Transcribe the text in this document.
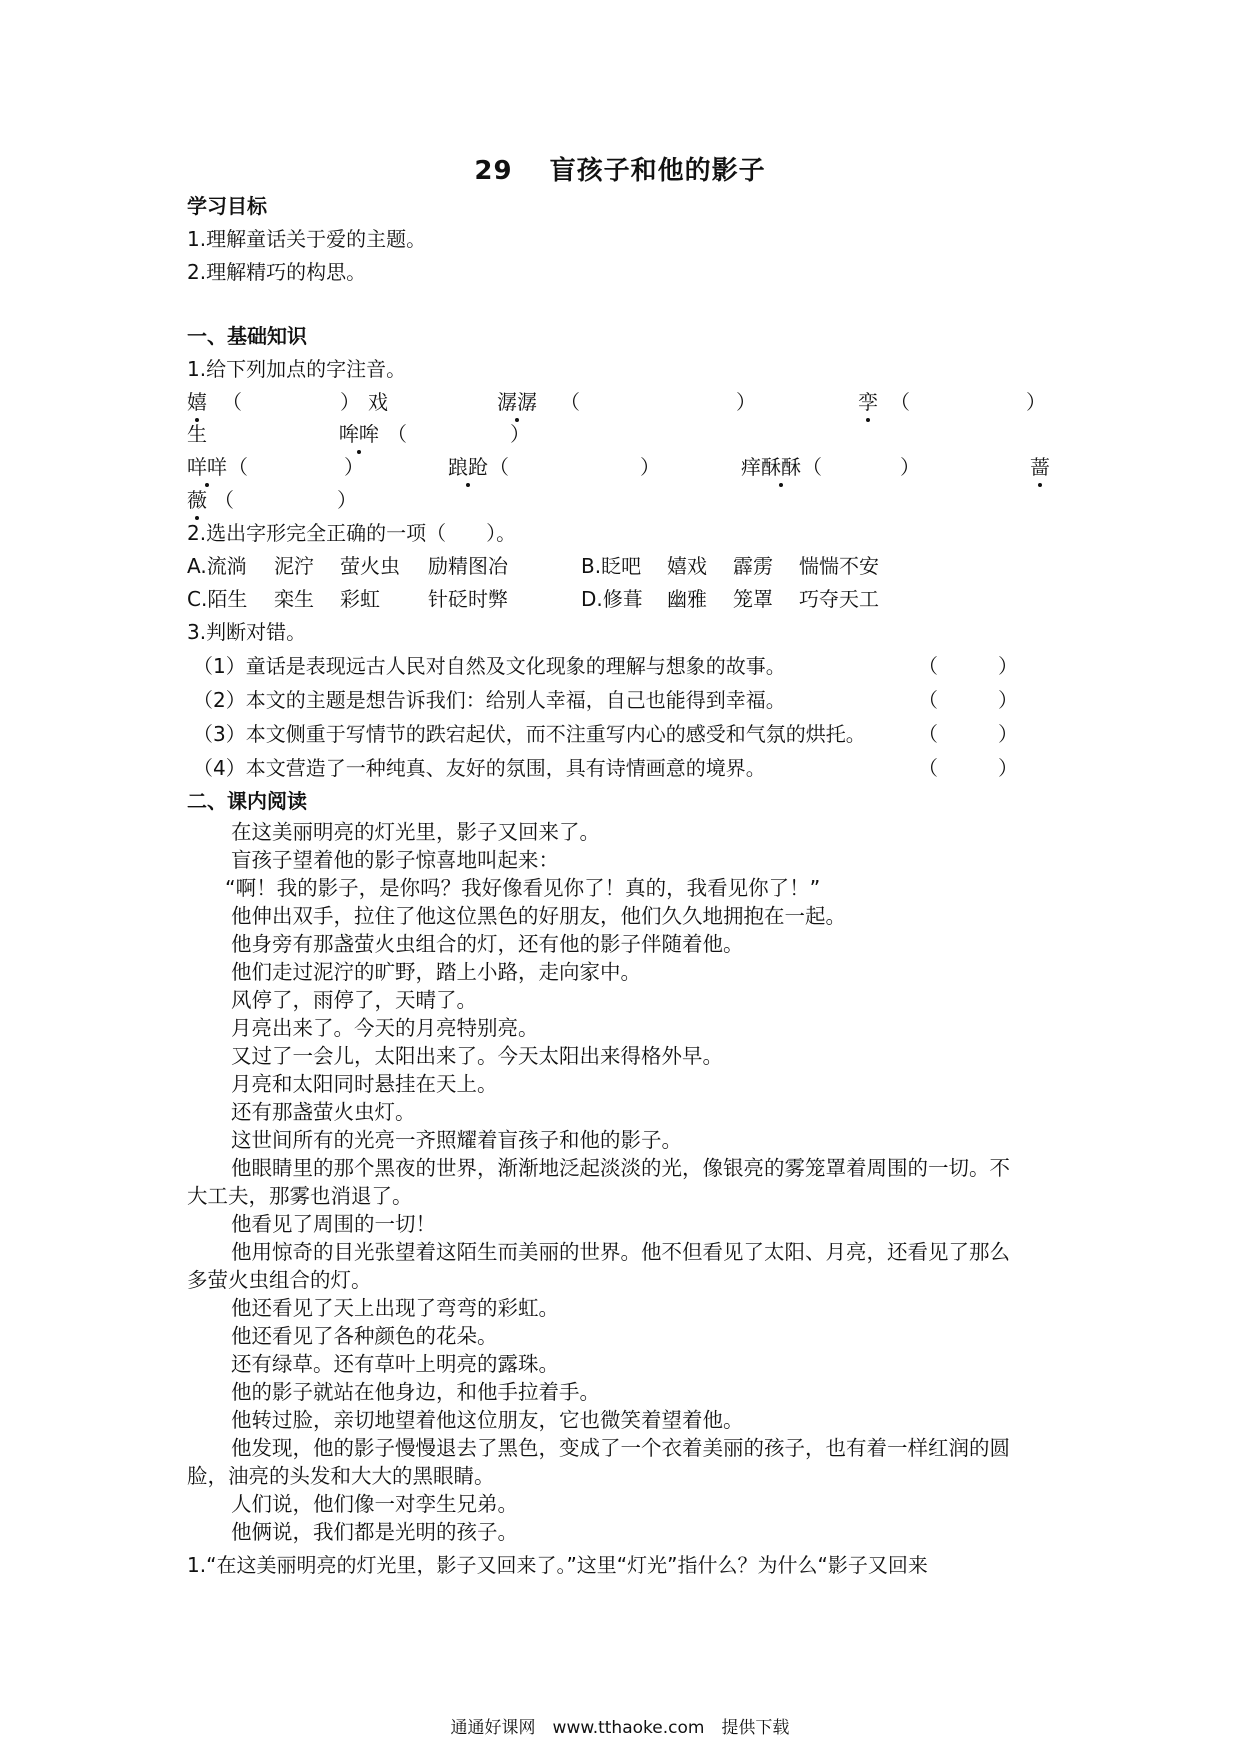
29　 盲孩子和他的影子
学习目标
1.理解童话关于爱的主题。
2.理解精巧的构思。
一、基础知识
1.给下列加点的字注音。
嬉 （	） 戏	潺潺 （	）	孪 （	）
生　　　　　 哞哞 （	）
咩咩 （	）	踉跄 （	）	痒酥酥 （	）	蔷
薇 （	）
2.选出字形完全正确的一项（　　）。
A.流淌 泥泞 萤火虫 励精图冶	B.眨吧 嬉戏 霹雳 惴惴不安
C.陌生 栾生 彩虹 针砭时弊	D.修葺 幽雅 笼罩 巧夺天工
3.判断对错。
（1）童话是表现远古人民对自然及文化现象的理解与想象的故事。	（	）
（2）本文的主题是想告诉我们：给别人幸福，自己也能得到幸福。	（	）
（3）本文侧重于写情节的跌宕起伏，而不注重写内心的感受和气氛的烘托。	（	）
（4）本文营造了一种纯真、友好的氛围，具有诗情画意的境界。	（	）
二、课内阅读
在这美丽明亮的灯光里，影子又回来了。
盲孩子望着他的影子惊喜地叫起来：
“啊！我的影子，是你吗？我好像看见你了！真的，我看见你了！”
他伸出双手，拉住了他这位黑色的好朋友，他们久久地拥抱在一起。
他身旁有那盏萤火虫组合的灯，还有他的影子伴随着他。
他们走过泥泞的旷野，踏上小路，走向家中。
风停了，雨停了，天晴了。
月亮出来了。今天的月亮特别亮。
又过了一会儿，太阳出来了。今天太阳出来得格外早。
月亮和太阳同时悬挂在天上。
还有那盏萤火虫灯。
这世间所有的光亮一齐照耀着盲孩子和他的影子。
他眼睛里的那个黑夜的世界，渐渐地泛起淡淡的光，像银亮的雾笼罩着周围的一切。不
大工夫，那雾也消退了。
他看见了周围的一切！
他用惊奇的目光张望着这陌生而美丽的世界。他不但看见了太阳、月亮，还看见了那么
多萤火虫组合的灯。
他还看见了天上出现了弯弯的彩虹。
他还看见了各种颜色的花朵。
还有绿草。还有草叶上明亮的露珠。
他的影子就站在他身边，和他手拉着手。
他转过脸，亲切地望着他这位朋友，它也微笑着望着他。
他发现，他的影子慢慢退去了黑色，变成了一个衣着美丽的孩子，也有着一样红润的圆
脸，油亮的头发和大大的黑眼睛。
人们说，他们像一对孪生兄弟。
他俩说，我们都是光明的孩子。
1.“在这美丽明亮的灯光里，影子又回来了。”这里“灯光”指什么？为什么“影子又回来
通通好课网　www.tthaoke.com　提供下载
